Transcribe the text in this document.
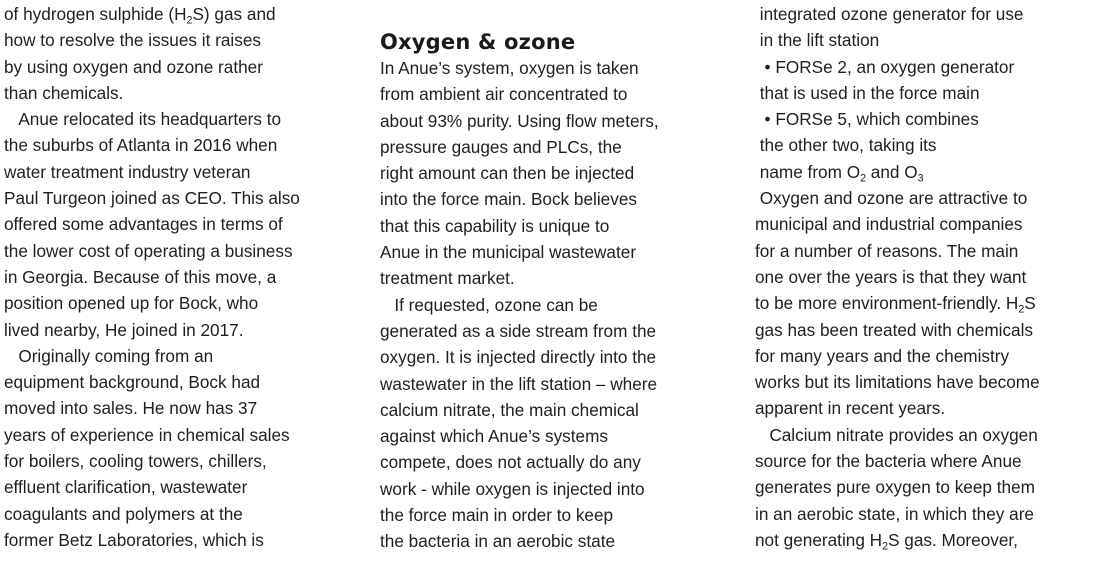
of hydrogen sulphide $(H_2S)$ gas and
how to resolve the issues it raises
by using oxygen and ozone rather
than chemicals.
Anue relocated its headquarters to
the suburbs of Atlanta in 2016 when
water treatment industry veteran
Paul Turgeon joined as CEO. This also
offered some advantages in terms of
the lower cost of operating a business
in Georgia. Because of this move, a
position opened up for Bock, who
lived nearby, He joined in 2017.
Originally coming from an
equipment background, Bock had
moved into sales. He now has 37
years of experience in chemical sales
for boilers, cooling towers, chillers,
effluent clarification, wastewater
coagulants and polymers at the
former Betz Laboratories, which is
Oxygen & ozone
In Anue’s system, oxygen is taken
from ambient air concentrated to
about 93% purity. Using flow meters,
pressure gauges and PLCs, the
right amount can then be injected
into the force main. Bock believes
that this capability is unique to
Anue in the municipal wastewater
treatment market.
If requested, ozone can be
generated as a side stream from the
oxygen. It is injected directly into the
wastewater in the lift station – where
calcium nitrate, the main chemical
against which Anue’s systems
compete, does not actually do any
work - while oxygen is injected into
the force main in order to keep
the bacteria in an aerobic state
integrated ozone generator for use
in the lift station
• FORSe 2, an oxygen generator
that is used in the force main
• FORSe 5, which combines
the other two, taking its
name from $O_2$ and $O_3$
Oxygen and ozone are attractive to
municipal and industrial companies
for a number of reasons. The main
one over the years is that they want
to be more environment-friendly. $H_2S$
gas has been treated with chemicals
for many years and the chemistry
works but its limitations have become
apparent in recent years.
Calcium nitrate provides an oxygen
source for the bacteria where Anue
generates pure oxygen to keep them
in an aerobic state, in which they are
not generating $H_2S$ gas. Moreover,
